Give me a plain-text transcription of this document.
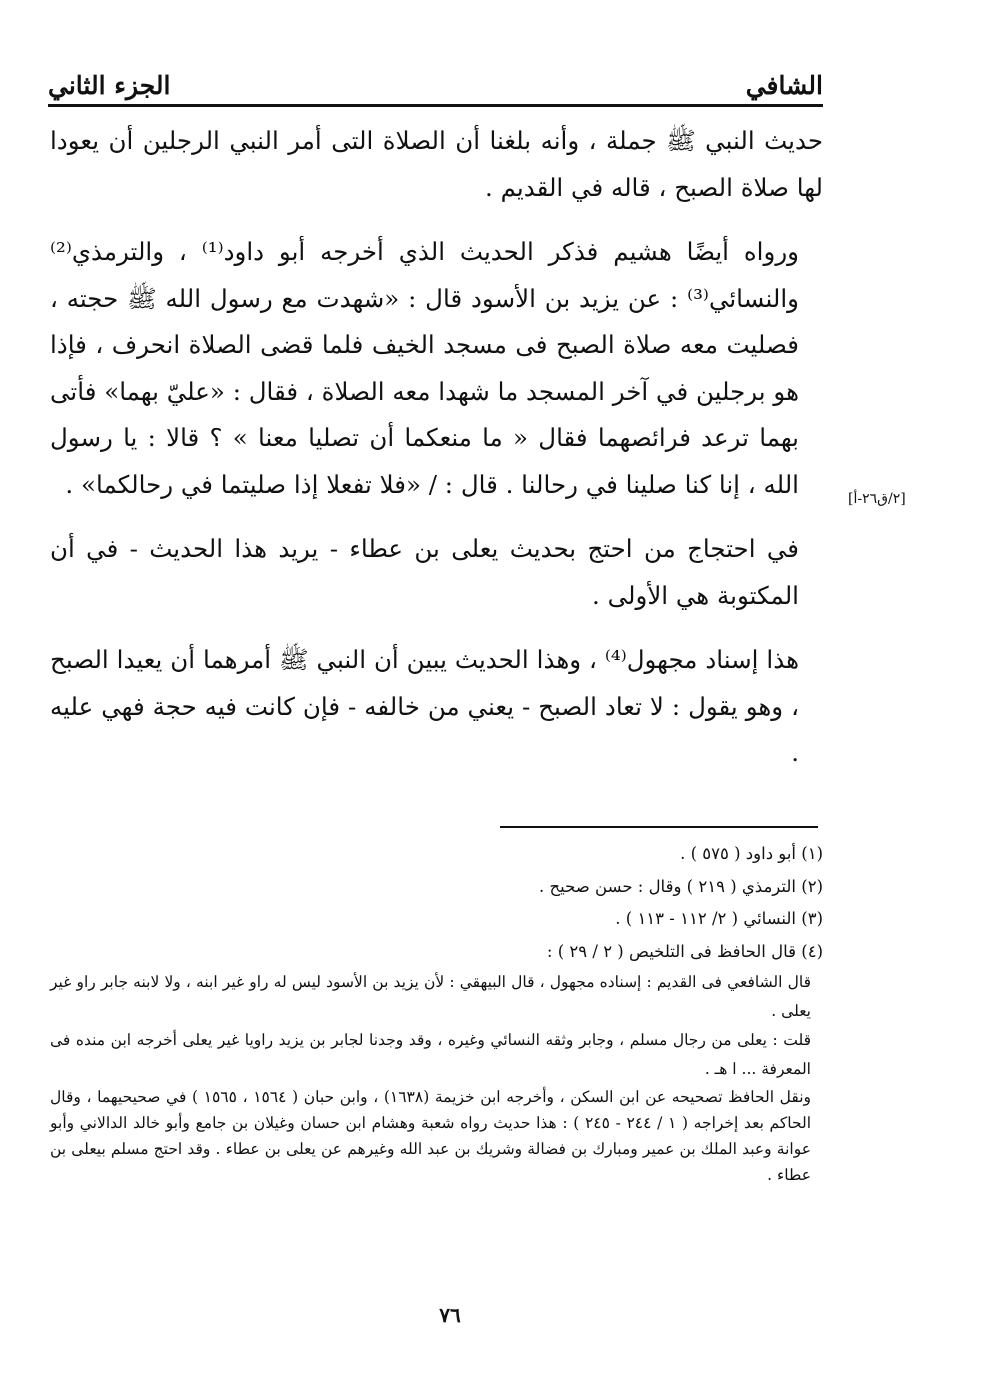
الشافي
الجزء الثاني

حديث النبي ﷺ جملة ، وأنه بلغنا أن الصلاة التى أمر النبي الرجلين أن يعودا لها صلاة الصبح ، قاله في القديم .

ورواه أيضًا هشيم فذكر الحديث الذي أخرجه أبو داود⁽¹⁾ ، والترمذي⁽²⁾ والنسائي⁽³⁾ : عن يزيد بن الأسود قال : «شهدت مع رسول الله ﷺ حجته ، فصليت معه صلاة الصبح فى مسجد الخيف فلما قضى الصلاة انحرف ، فإذا هو برجلين في آخر المسجد ما شهدا معه الصلاة ، فقال : «عليّ بهما» فأتى بهما ترعد فرائصهما فقال « ما منعكما أن تصليا معنا » ؟ قالا : يا رسول الله ، إنا كنا صلينا في رحالنا . قال : / «فلا تفعلا إذا صليتما في رحالكما» .

في احتجاج من احتج بحديث يعلى بن عطاء - يريد هذا الحديث - في أن المكتوبة هي الأولى .

هذا إسناد مجهول⁽⁴⁾ ، وهذا الحديث يبين أن النبي ﷺ أمرهما أن يعيدا الصبح ، وهو يقول : لا تعاد الصبح - يعني من خالفه - فإن كانت فيه حجة فهي عليه .

[٢/ق٢٦-أ]

(١) أبو داود ( ٥٧٥ ) .

(٢) الترمذي ( ٢١٩ ) وقال : حسن صحيح .

(٣) النسائي ( ٢/ ١١٢ - ١١٣ ) .

(٤) قال الحافظ فى التلخيص ( ٢ / ٢٩ ) :

قال الشافعي فى القديم : إسناده مجهول ، قال البيهقي : لأن يزيد بن الأسود ليس له راو غير ابنه ، ولا لابنه جابر راو غير يعلى .

قلت : يعلى من رجال مسلم ، وجابر وثقه النسائي وغيره ، وقد وجدنا لجابر بن يزيد راويا غير يعلى أخرجه ابن منده فى المعرفة ... ا هـ .

ونقل الحافظ تصحيحه عن ابن السكن ، وأخرجه ابن خزيمة (١٦٣٨) ، وابن حبان ( ١٥٦٤ ، ١٥٦٥ ) في صحيحيهما ، وقال الحاكم بعد إخراجه ( ١ / ٢٤٤ - ٢٤٥ ) : هذا حديث رواه شعبة وهشام ابن حسان وغيلان بن جامع وأبو خالد الدالاني وأبو عوانة وعبد الملك بن عمير ومبارك بن فضالة وشريك بن عبد الله وغيرهم عن يعلى بن عطاء . وقد احتج مسلم بيعلى بن عطاء .

٧٦
